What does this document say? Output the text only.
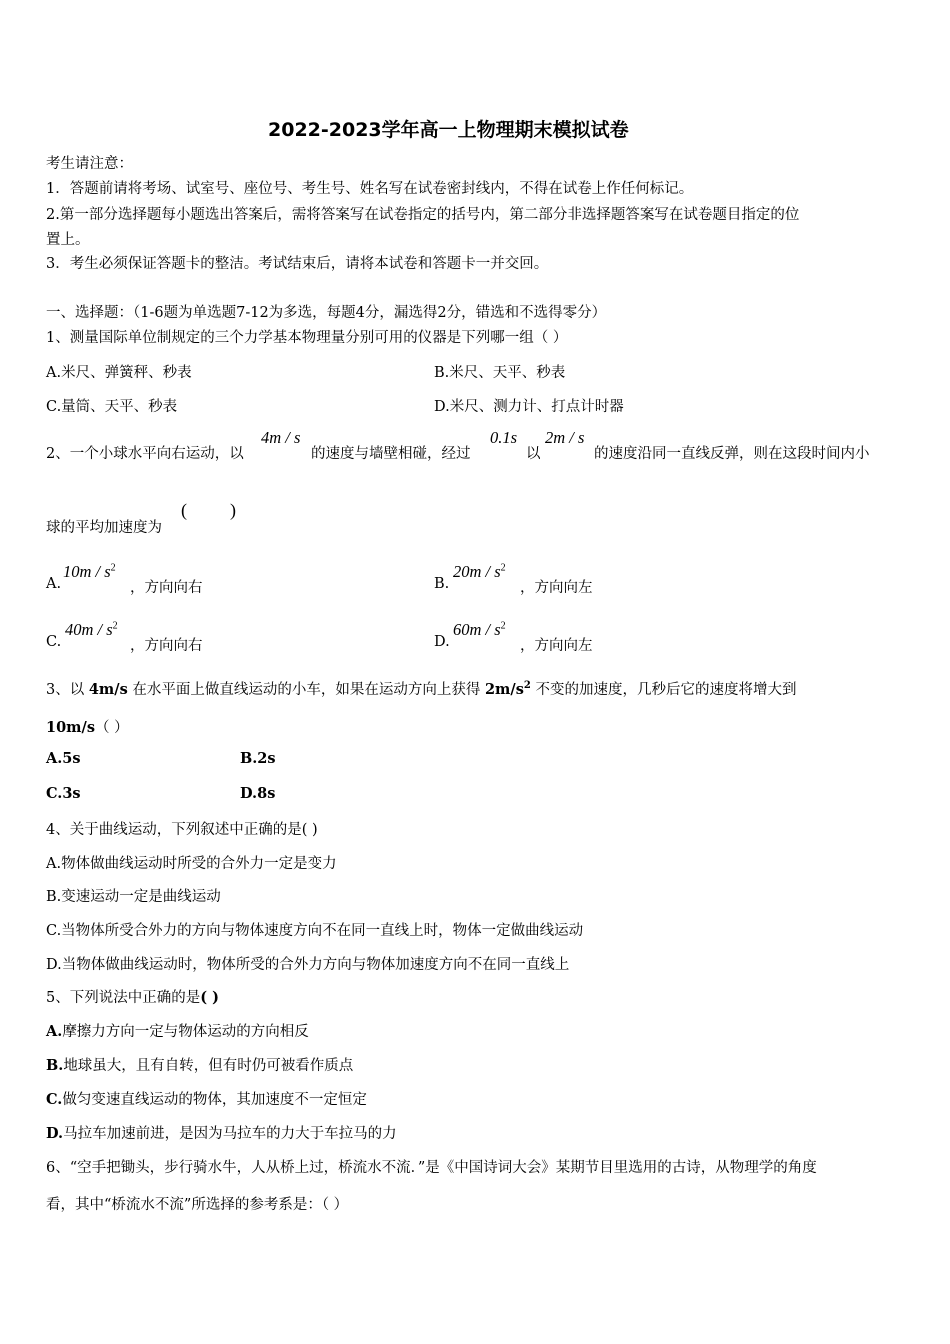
2022-2023学年高一上物理期末模拟试卷
考生请注意：
1．答题前请将考场、试室号、座位号、考生号、姓名写在试卷密封线内，不得在试卷上作任何标记。
2.第一部分选择题每小题选出答案后，需将答案写在试卷指定的括号内，第二部分非选择题答案写在试卷题目指定的位
置上。
3．考生必须保证答题卡的整洁。考试结束后，请将本试卷和答题卡一并交回。
一、选择题：（1-6题为单选题7-12为多选，每题4分，漏选得2分，错选和不选得零分）
1、测量国际单位制规定的三个力学基本物理量分别可用的仪器是下列哪一组（ ）
A.米尺、弹簧秤、秒表	B.米尺、天平、秒表
C.量筒、天平、秒表	D.米尺、测力计、打点计时器
2、一个小球水平向右运动，以
4m / s
的速度与墙壁相碰，经过
0.1s
以
2m / s
的速度沿同一直线反弹，则在这段时间内小
球的平均加速度为
( )
A.
$10m / s^2$
，方向向右	B.
$20m / s^2$
，方向向左
C.
$40m / s^2$
，方向向右	D.
$60m / s^2$
，方向向左
3、以 4m/s 在水平面上做直线运动的小车，如果在运动方向上获得 $2m/s^2$ 不变的加速度，几秒后它的速度将增大到
10m/s（ ）
A.5s	B.2s
C.3s	D.8s
4、关于曲线运动，下列叙述中正确的是( )
A.物体做曲线运动时所受的合外力一定是变力
B.变速运动一定是曲线运动
C.当物体所受合外力的方向与物体速度方向不在同一直线上时，物体一定做曲线运动
D.当物体做曲线运动时，物体所受的合外力方向与物体加速度方向不在同一直线上
5、下列说法中正确的是( )
A.摩擦力方向一定与物体运动的方向相反
B.地球虽大，且有自转，但有时仍可被看作质点
C.做匀变速直线运动的物体，其加速度不一定恒定
D.马拉车加速前进，是因为马拉车的力大于车拉马的力
6、“空手把锄头，步行骑水牛，人从桥上过，桥流水不流．”是《中国诗词大会》某期节目里选用的古诗，从物理学的角度
看，其中“桥流水不流”所选择的参考系是：（ ）
